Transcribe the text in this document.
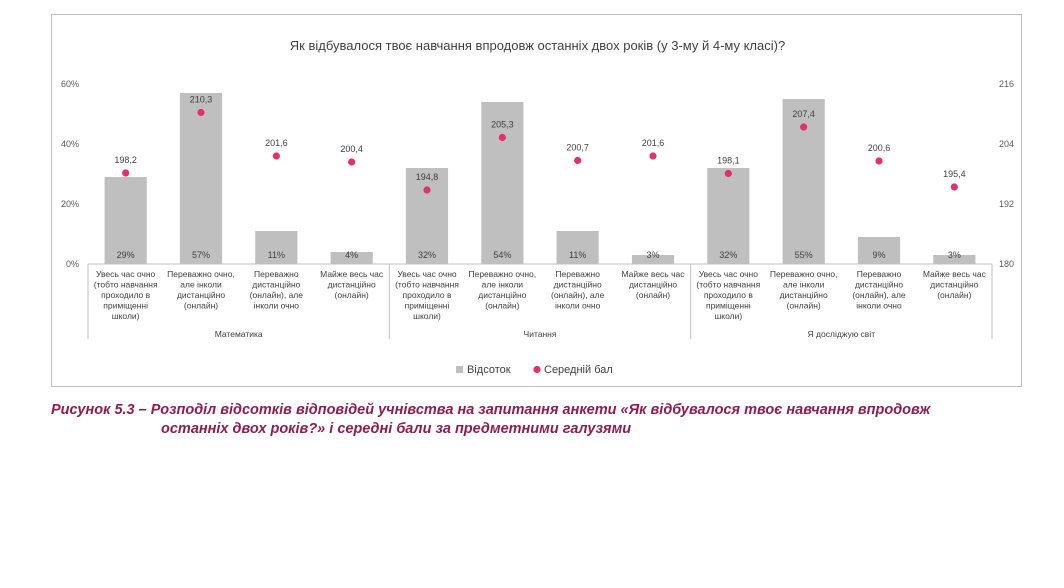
Як відбувалося твоє навчання впродовж останніх двох років (у 3-му й 4-му класі)?
0%
20%
40%
60%
180
192
204
216
29%	57%	11%	4%	32%	54%	11%	3%	32%	55%	9%	3%
Увесь час очно (тобто навчання проходило в приміщенні школи)
Переважно очно, але інколи дистанційно (онлайн)
Переважно дистанційно (онлайн), але інколи очно
Майже весь час дистанційно (онлайн)
Увесь час очно (тобто навчання проходило в приміщенні школи)
Переважно очно, але інколи дистанційно (онлайн)
Переважно дистанційно (онлайн), але інколи очно
Майже весь час дистанційно (онлайн)
Увесь час очно (тобто навчання проходило в приміщенні школи)
Переважно очно, але інколи дистанційно (онлайн)
Переважно дистанційно (онлайн), але інколи очно
Майже весь час дистанційно (онлайн)
Математика	Читання	Я досліджую світ
198,2
210,3
201,6
200,4
194,8
205,3
200,7	201,6
198,1
207,4
200,6
195,4
Відсоток	Середній бал
Рисунок 5.3 – Розподіл відсотків відповідей учнівства на запитання анкети «Як відбувалося твоє навчання впродовж
останніх двох років?» і середні бали за предметними галузями
